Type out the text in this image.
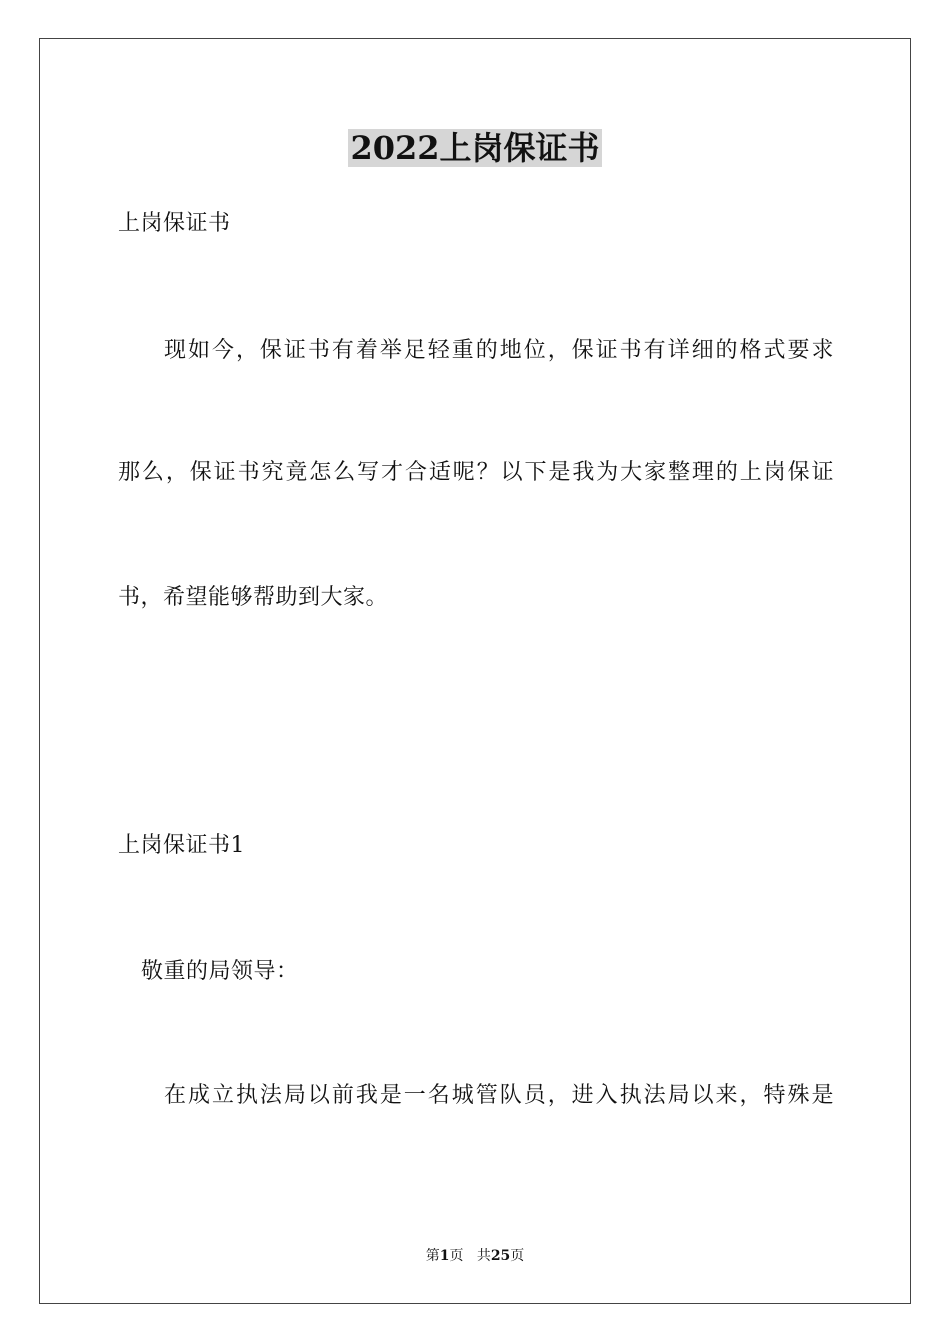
2022上岗保证书
上岗保证书
现如今，保证书有着举足轻重的地位，保证书有详细的格式要求
那么，保证书究竟怎么写才合适呢？以下是我为大家整理的上岗保证
书，希望能够帮助到大家。
上岗保证书1
敬重的局领导：
在成立执法局以前我是一名城管队员，进入执法局以来，特殊是
第1页 共25页
